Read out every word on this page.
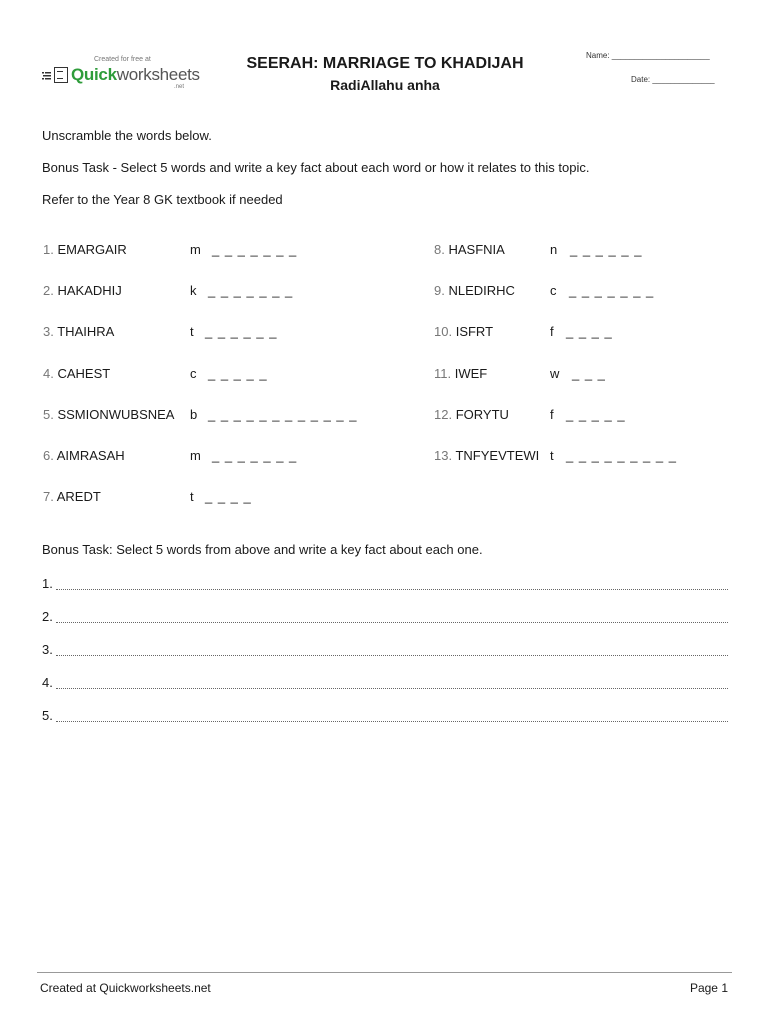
Created for free at
Quick worksheets
.net
SEERAH: MARRIAGE TO KHADIJAH
RadiAllahu anha
Name: ______________________
Date: ______________
Unscramble the words below.
Bonus Task - Select 5 words and write a key fact about each word or how it relates to this topic.
Refer to the Year 8 GK textbook if needed
1. EMARGAIR	m _ _ _ _ _ _ _
2. HAKADHIJ	k _ _ _ _ _ _ _
3. THAIHRA	t _ _ _ _ _ _
4. CAHEST	c _ _ _ _ _
5. SSMIONWUBSNEA b _ _ _ _ _ _ _ _ _ _ _ _
6. AIMRASAH	m _ _ _ _ _ _ _
7. AREDT	t _ _ _ _
8. HASFNIA	n _ _ _ _ _ _
9. NLEDIRHC	c _ _ _ _ _ _ _
10. ISFRT	f _ _ _ _
11. IWEF	w _ _ _
12. FORYTU	f _ _ _ _ _
13. TNFYEVTEWI t _ _ _ _ _ _ _ _ _
Bonus Task: Select 5 words from above and write a key fact about each one.
1.
2.
3.
4.
5.
Created at Quickworksheets.net	Page 1
